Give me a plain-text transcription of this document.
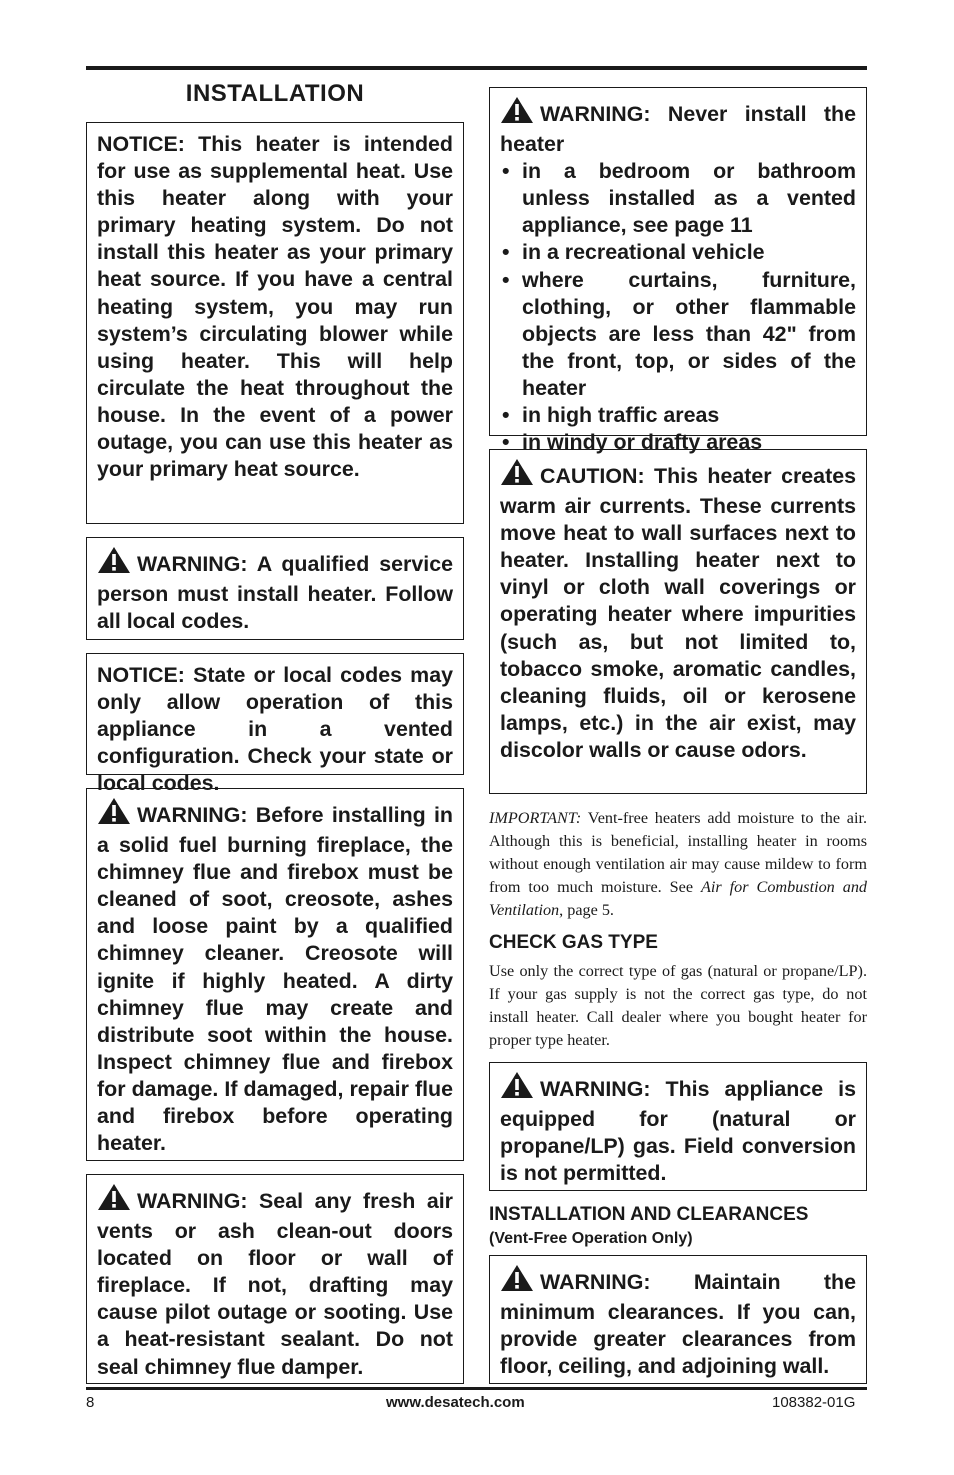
INSTALLATION

NOTICE: This heater is intended for use as supplemental heat. Use this heater along with your primary heating system. Do not install this heater as your primary heat source. If you have a central heating system, you may run system’s circulating blower while using heater. This will help circulate the heat throughout the house. In the event of a power outage, you can use this heater as your primary heat source.

WARNING: A qualified service person must install heater. Follow all local codes.

NOTICE: State or local codes may only allow operation of this appliance in a vented configuration. Check your state or local codes.

WARNING: Before installing in a solid fuel burning fireplace, the chimney flue and firebox must be cleaned of soot, creosote, ashes and loose paint by a qualified chimney cleaner. Creosote will ignite if highly heated. A dirty chimney flue may create and distribute soot within the house. Inspect chimney flue and firebox for damage. If damaged, repair flue and firebox before operating heater.

WARNING: Seal any fresh air vents or ash clean-out doors located on floor or wall of fireplace. If not, drafting may cause pilot outage or sooting. Use a heat-resistant sealant. Do not seal chimney flue damper.

WARNING: Never install the heater

• in a bedroom or bathroom unless installed as a vented appliance, see page 11
• in a recreational vehicle
• where curtains, furniture, clothing, or other flammable objects are less than 42" from the front, top, or sides of the heater
• in high traffic areas
• in windy or drafty areas

CAUTION: This heater creates warm air currents. These currents move heat to wall surfaces next to heater. Installing heater next to vinyl or cloth wall coverings or operating heater where impurities (such as, but not limited to, tobacco smoke, aromatic candles, cleaning fluids, oil or kerosene lamps, etc.) in the air exist, may discolor walls or cause odors.

IMPORTANT: Vent-free heaters add moisture to the air. Although this is beneficial, installing heater in rooms without enough ventilation air may cause mildew to form from too much moisture. See Air for Combustion and Ventilation, page 5.

CHECK GAS TYPE

Use only the correct type of gas (natural or propane/LP). If your gas supply is not the correct gas type, do not install heater. Call dealer where you bought heater for proper type heater.

WARNING: This appliance is equipped for (natural or propane/LP) gas. Field conversion is not permitted.

INSTALLATION AND CLEARANCES
(Vent-Free Operation Only)

WARNING: Maintain the minimum clearances. If you can, provide greater clearances from floor, ceiling, and adjoining wall.

8	www.desatech.com	108382-01G
